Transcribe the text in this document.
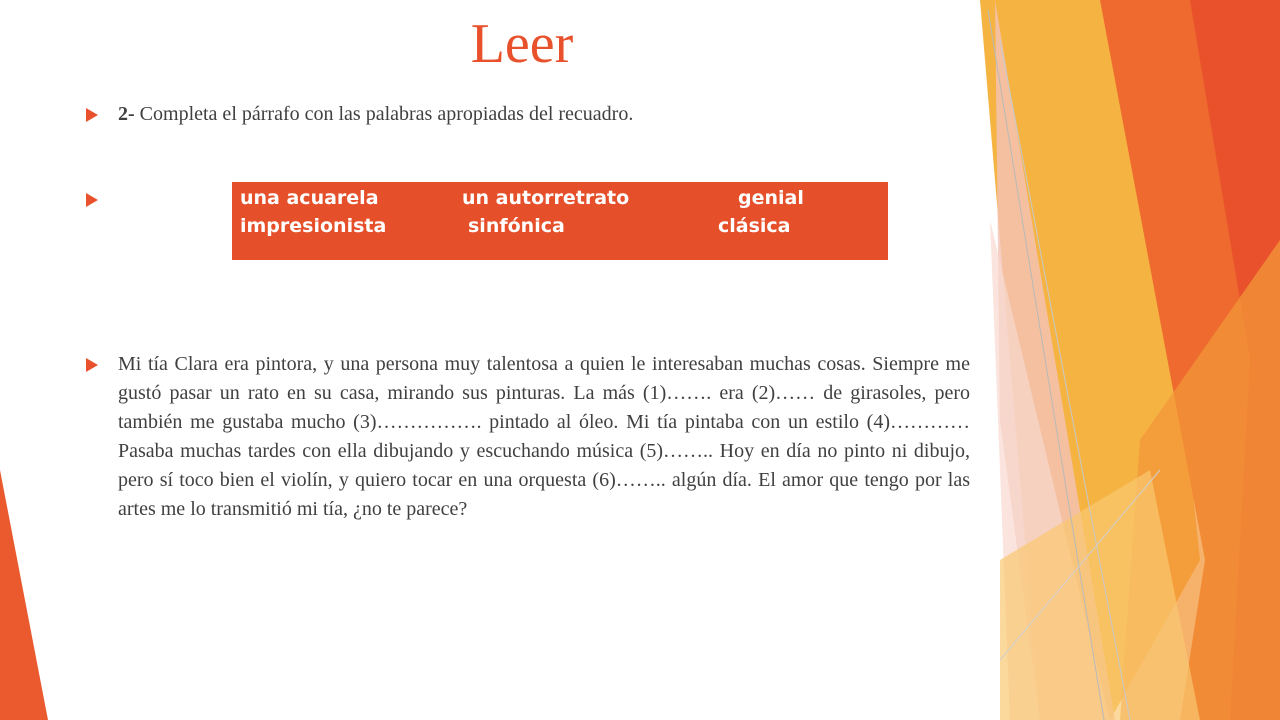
Leer
2- Completa el párrafo con las palabras apropiadas del recuadro.
una acuarela	un autorretrato	genial
impresionista	sinfónica	clásica

Mi tía Clara era pintora, y una persona muy talentosa a quien le interesaban muchas cosas. Siempre me gustó pasar un rato en su casa, mirando sus pinturas. La más (1)……. era (2)…… de girasoles, pero también me gustaba mucho (3)……………. pintado al óleo. Mi tía pintaba con un estilo (4)………… Pasaba muchas tardes con ella dibujando y escuchando música (5)…….. Hoy en día no pinto ni dibujo, pero sí toco bien el violín, y quiero tocar en una orquesta (6)…….. algún día. El amor que tengo por las artes me lo transmitió mi tía, ¿no te parece?
